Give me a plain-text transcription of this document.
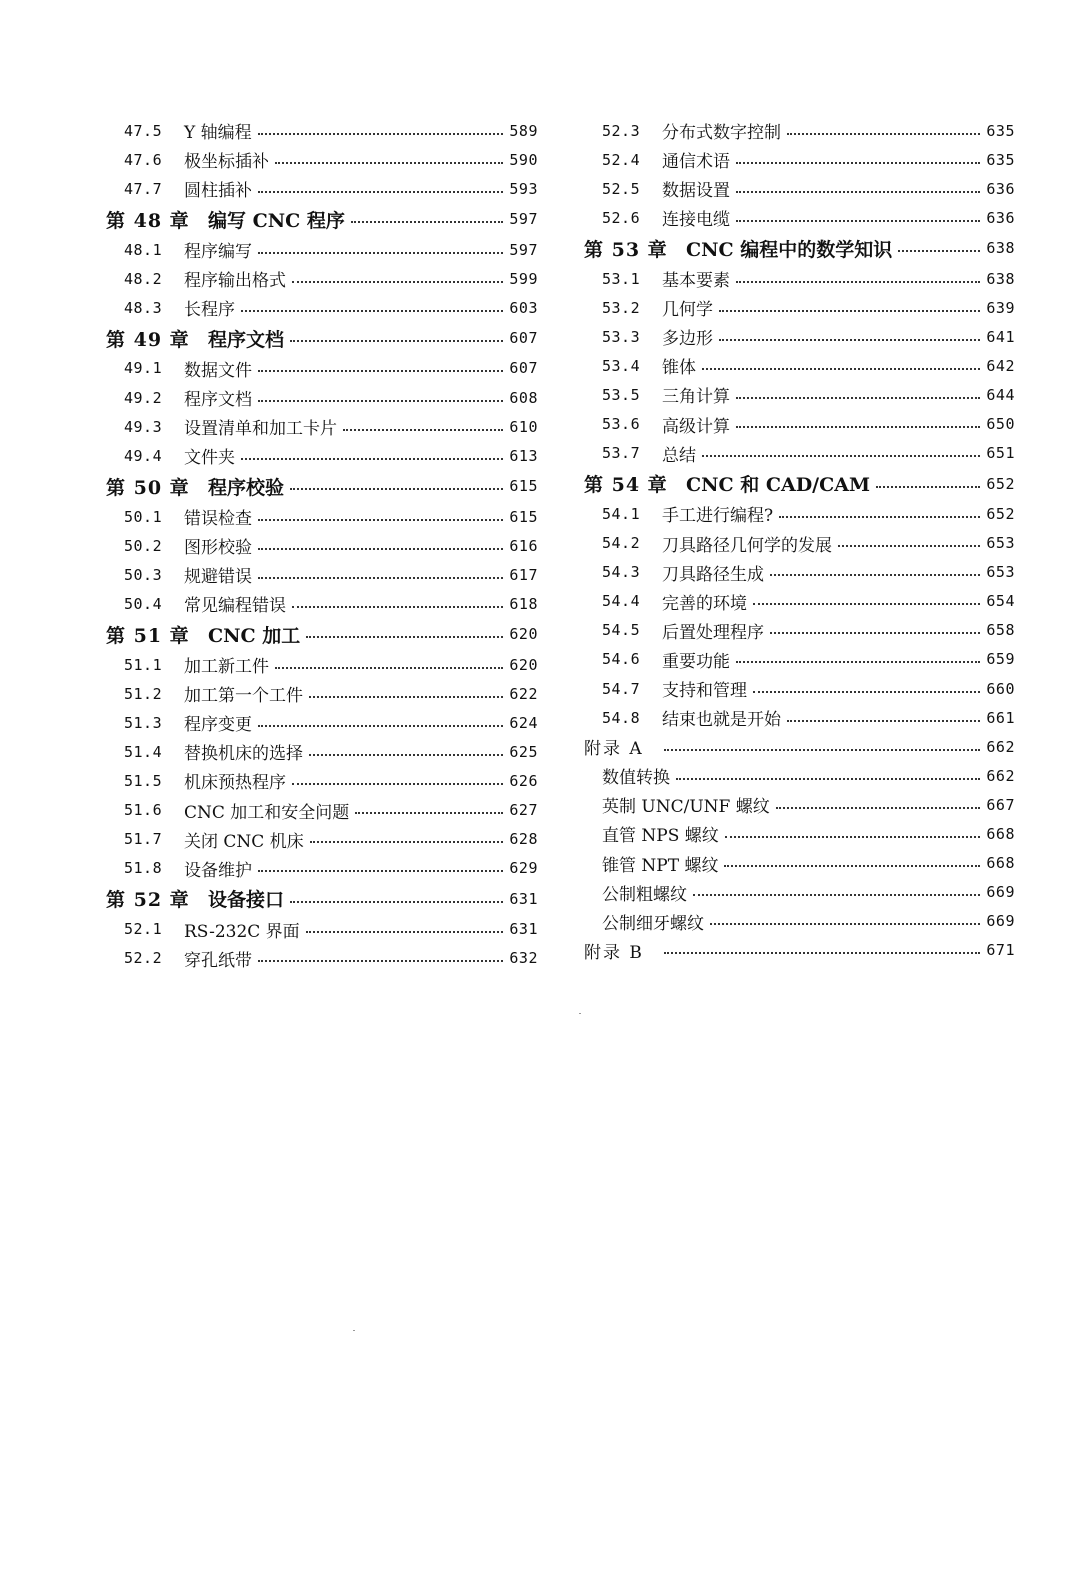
47.5	Y 轴编程	589
47.6	极坐标插补	590
47.7	圆柱插补	593
第 48 章 编写 CNC 程序	597
48.1	程序编写	597
48.2	程序输出格式	599
48.3	长程序	603
第 49 章 程序文档	607
49.1	数据文件	607
49.2	程序文档	608
49.3	设置清单和加工卡片	610
49.4	文件夹	613
第 50 章 程序校验	615
50.1	错误检查	615
50.2	图形校验	616
50.3	规避错误	617
50.4	常见编程错误	618
第 51 章 CNC 加工	620
51.1	加工新工件	620
51.2	加工第一个工件	622
51.3	程序变更	624
51.4	替换机床的选择	625
51.5	机床预热程序	626
51.6	CNC 加工和安全问题	627
51.7	关闭 CNC 机床	628
51.8	设备维护	629
第 52 章 设备接口	631
52.1	RS-232C 界面	631
52.2	穿孔纸带	632
52.3	分布式数字控制	635
52.4	通信术语	635
52.5	数据设置	636
52.6	连接电缆	636
第 53 章 CNC 编程中的数学知识	638
53.1	基本要素	638
53.2	几何学	639
53.3	多边形	641
53.4	锥体	642
53.5	三角计算	644
53.6	高级计算	650
53.7	总结	651
第 54 章 CNC 和 CAD/CAM	652
54.1	手工进行编程?	652
54.2	刀具路径几何学的发展	653
54.3	刀具路径生成	653
54.4	完善的环境	654
54.5	后置处理程序	658
54.6	重要功能	659
54.7	支持和管理	660
54.8	结束也就是开始	661
附录 A	662
数值转换	662
英制 UNC/UNF 螺纹	667
直管 NPS 螺纹	668
锥管 NPT 螺纹	668
公制粗螺纹	669
公制细牙螺纹	669
附录 B	671
